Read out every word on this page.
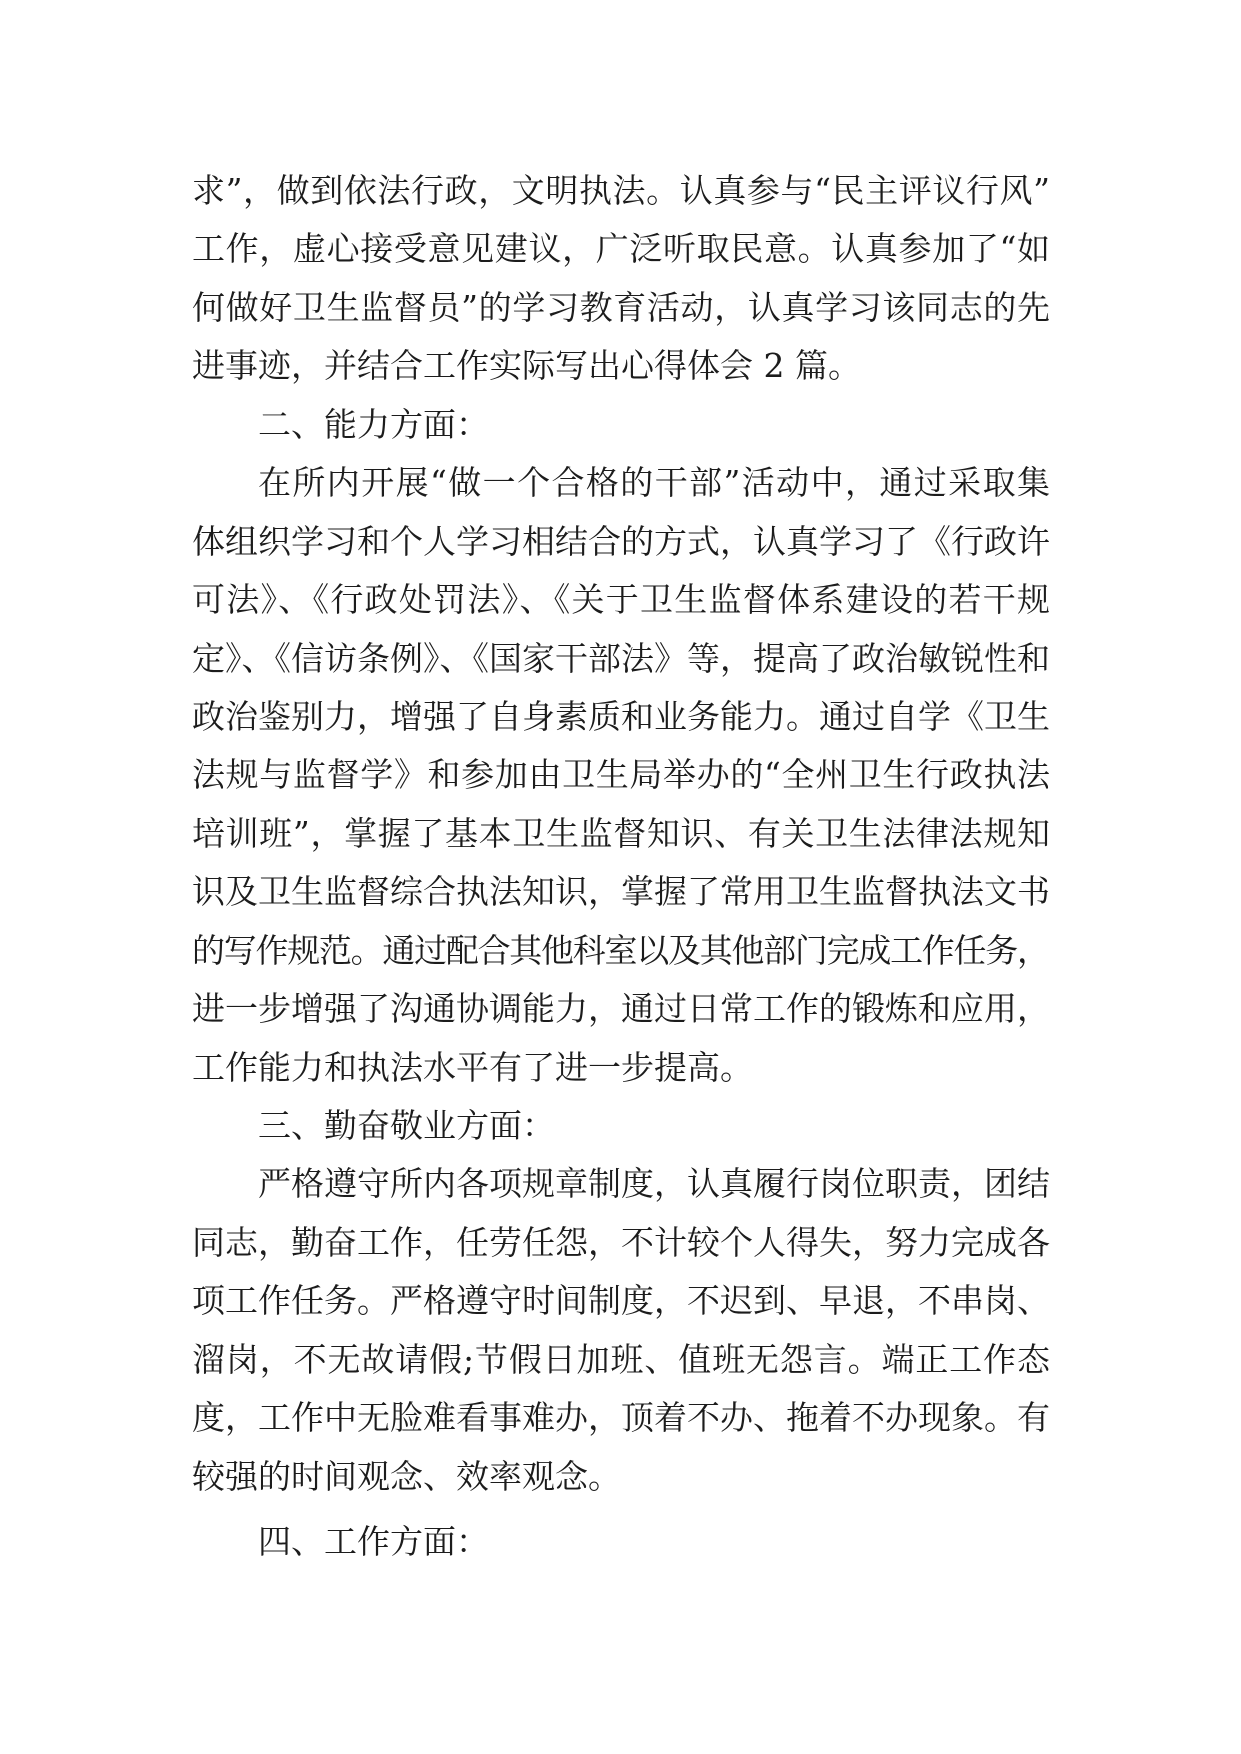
求”，做到依法行政，文明执法。认真参与“民主评议行风”
工作，虚心接受意见建议，广泛听取民意。认真参加了“如
何做好卫生监督员”的学习教育活动，认真学习该同志的先
进事迹，并结合工作实际写出心得体会 2 篇。
二、能力方面：
在所内开展“做一个合格的干部”活动中，通过采取集
体组织学习和个人学习相结合的方式，认真学习了《行政许
可法》、《行政处罚法》、《关于卫生监督体系建设的若干规
定》、《信访条例》、《国家干部法》等，提高了政治敏锐性和
政治鉴别力，增强了自身素质和业务能力。通过自学《卫生
法规与监督学》和参加由卫生局举办的“全州卫生行政执法
培训班”，掌握了基本卫生监督知识、有关卫生法律法规知
识及卫生监督综合执法知识，掌握了常用卫生监督执法文书
的写作规范。通过配合其他科室以及其他部门完成工作任务，
进一步增强了沟通协调能力，通过日常工作的锻炼和应用，
工作能力和执法水平有了进一步提高。
三、勤奋敬业方面：
严格遵守所内各项规章制度，认真履行岗位职责，团结
同志，勤奋工作，任劳任怨，不计较个人得失，努力完成各
项工作任务。严格遵守时间制度，不迟到、早退，不串岗、
溜岗，不无故请假;节假日加班、值班无怨言。端正工作态
度，工作中无脸难看事难办，顶着不办、拖着不办现象。有
较强的时间观念、效率观念。
四、工作方面：
